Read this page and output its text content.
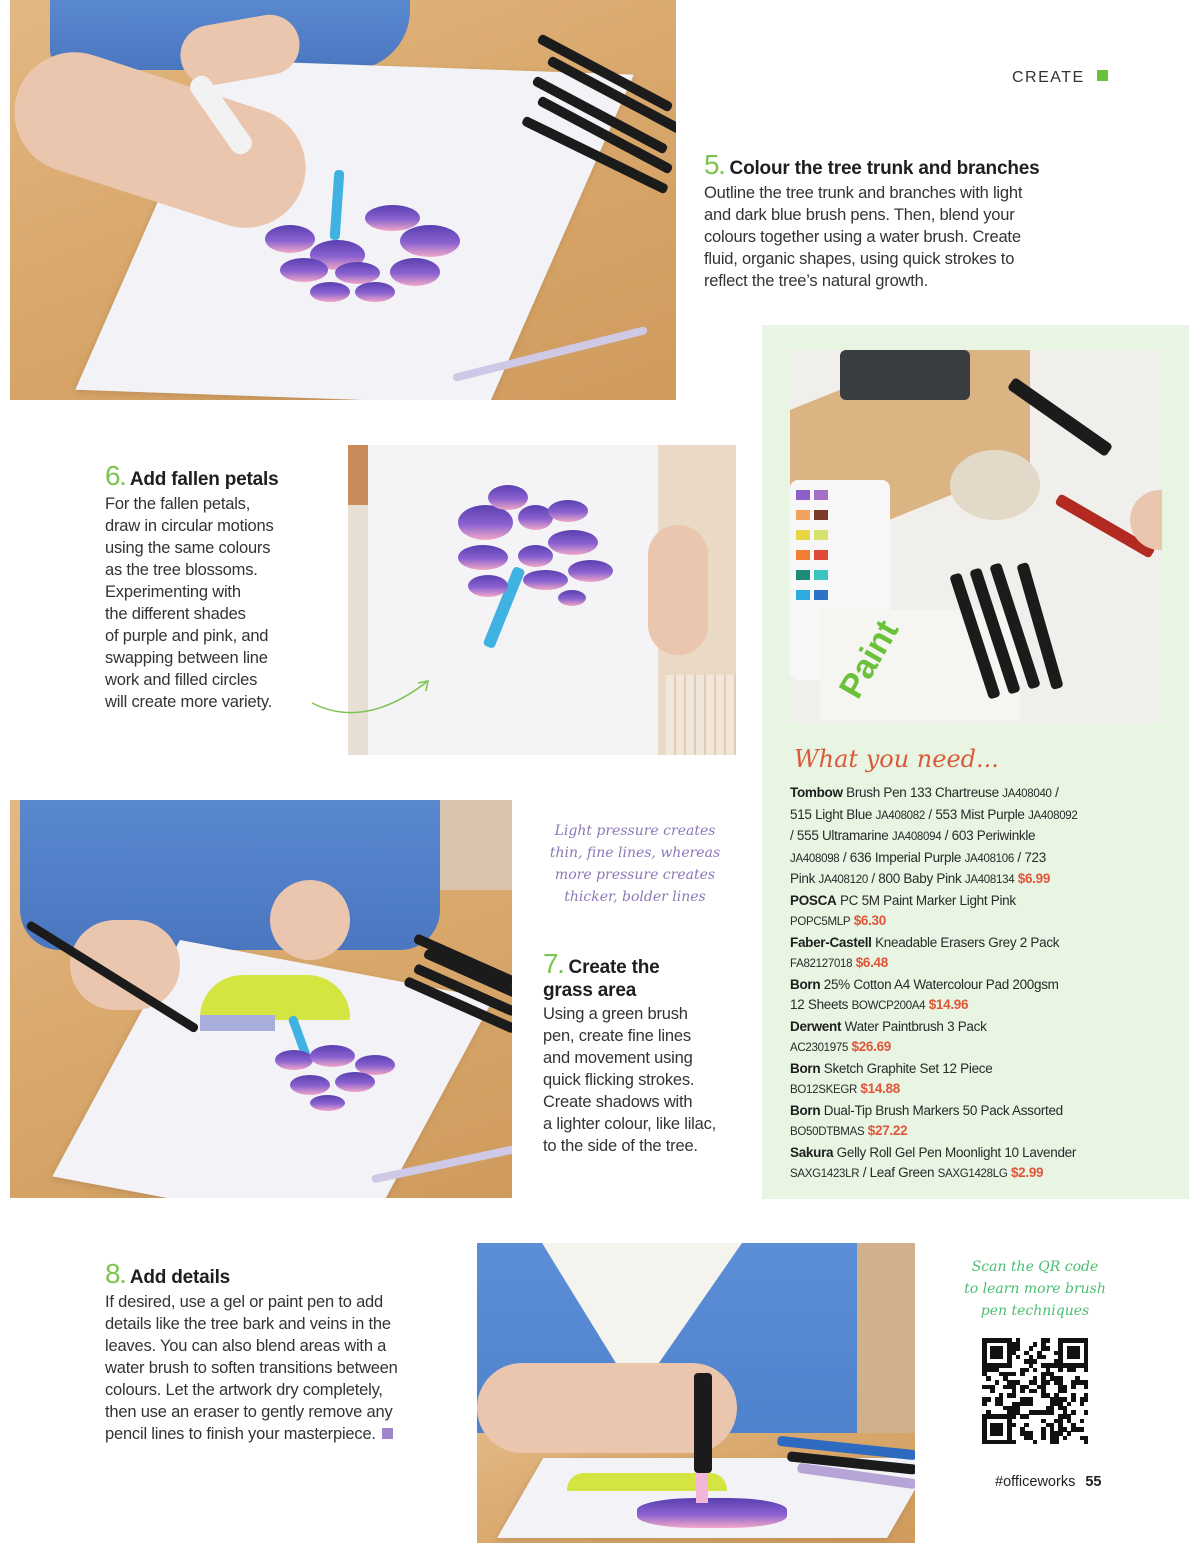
CREATE
5. Colour the tree trunk and branches
Outline the tree trunk and branches with light
and dark blue brush pens. Then, blend your
colours together using a water brush. Create
fluid, organic shapes, using quick strokes to
reflect the tree’s natural growth.
Paint
What you need...
Tombow Brush Pen 133 Chartreuse JA408040 /
515 Light Blue JA408082 / 553 Mist Purple JA408092
/ 555 Ultramarine JA408094 / 603 Periwinkle
JA408098 / 636 Imperial Purple JA408106 / 723
Pink JA408120 / 800 Baby Pink JA408134 $6.99
POSCA PC 5M Paint Marker Light Pink
POPC5MLP $6.30
Faber-Castell Kneadable Erasers Grey 2 Pack
FA82127018 $6.48
Born 25% Cotton A4 Watercolour Pad 200gsm
12 Sheets BOWCP200A4 $14.96
Derwent Water Paintbrush 3 Pack
AC2301975 $26.69
Born Sketch Graphite Set 12 Piece
BO12SKEGR $14.88
Born Dual-Tip Brush Markers 50 Pack Assorted
BO50DTBMAS $27.22
Sakura Gelly Roll Gel Pen Moonlight 10 Lavender
SAXG1423LR / Leaf Green SAXG1428LG $2.99
6. Add fallen petals
For the fallen petals,
draw in circular motions
using the same colours
as the tree blossoms.
Experimenting with
the different shades
of purple and pink, and
swapping between line
work and filled circles
will create more variety.
Light pressure creates
thin, fine lines, whereas
more pressure creates
thicker, bolder lines
7. Create the
grass area
Using a green brush
pen, create fine lines
and movement using
quick flicking strokes.
Create shadows with
a lighter colour, like lilac,
to the side of the tree.
8. Add details
If desired, use a gel or paint pen to add
details like the tree bark and veins in the
leaves. You can also blend areas with a
water brush to soften transitions between
colours. Let the artwork dry completely,
then use an eraser to gently remove any
pencil lines to finish your masterpiece.
Scan the QR code
to learn more brush
pen techniques
#officeworks 55
